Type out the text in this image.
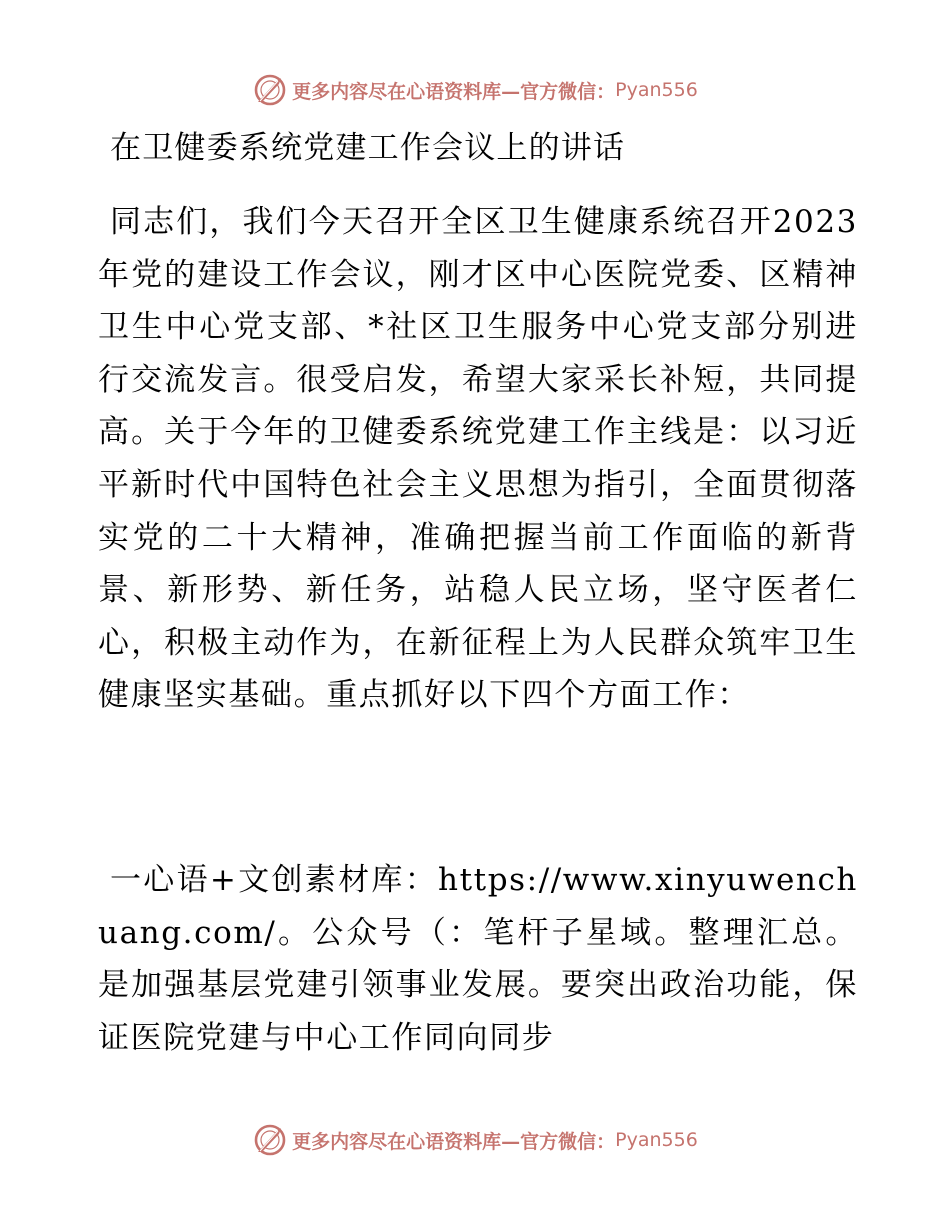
更多内容尽在心语资料库—官方微信： Pyan556
在卫健委系统党建工作会议上的讲话

同志们，我们今天召开全区卫生健康系统召开2023年党的建设工作会议，刚才区中心医院党委、区精神卫生中心党支部、*社区卫生服务中心党支部分别进行交流发言。很受启发，希望大家采长补短，共同提高。关于今年的卫健委系统党建工作主线是：以习近平新时代中国特色社会主义思想为指引，全面贯彻落实党的二十大精神，准确把握当前工作面临的新背景、新形势、新任务，站稳人民立场，坚守医者仁心，积极主动作为，在新征程上为人民群众筑牢卫生健康坚实基础。重点抓好以下四个方面工作：

一心语+文创素材库：https://www.xinyuwenchuang.com/。公众号（：笔杆子星域。整理汇总。是加强基层党建引领事业发展。要突出政治功能，保证医院党建与中心工作同向同步

更多内容尽在心语资料库—官方微信： Pyan556
